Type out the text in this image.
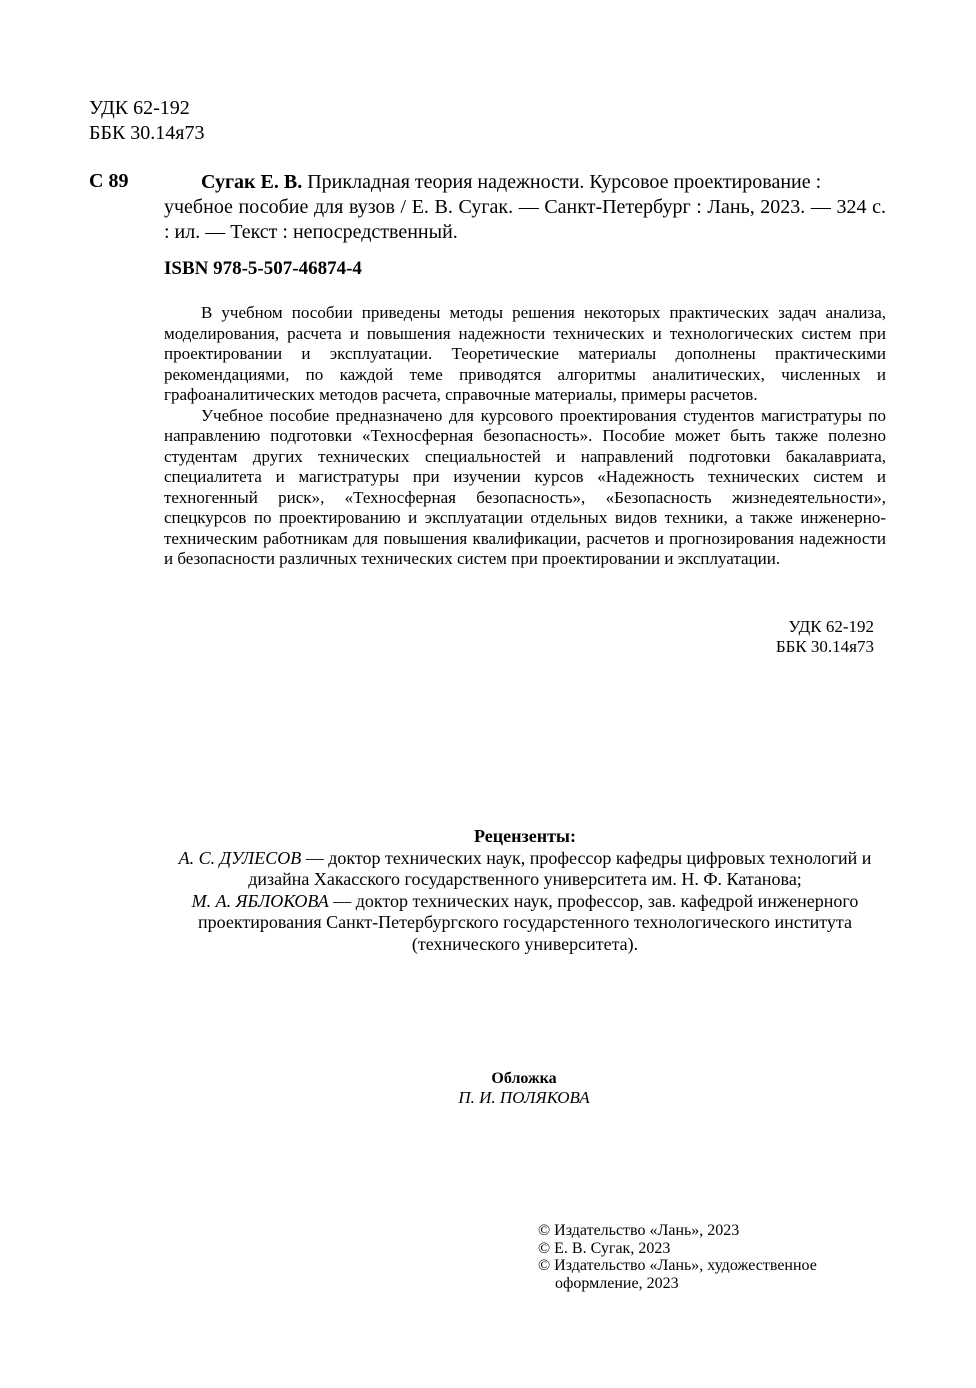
УДК 62-192
ББК 30.14я73
С 89	Сугак Е. В. Прикладная теория надежности. Курсовое проектирование :
учебное пособие для вузов / Е. В. Сугак. — Санкт-Петербург : Лань, 2023. — 324 с. : ил. — Текст : непосредственный.
ISBN 978-5-507-46874-4

В учебном пособии приведены методы решения некоторых практических задач анализа, моделирования, расчета и повышения надежности технических и технологических систем при проектировании и эксплуатации. Теоретические материалы дополнены практическими рекомендациями, по каждой теме приводятся алгоритмы аналитических, численных и графоаналитических методов расчета, справочные материалы, примеры расчетов.

Учебное пособие предназначено для курсового проектирования студентов магистратуры по направлению подготовки «Техносферная безопасность». Пособие может быть также полезно студентам других технических специальностей и направлений подготовки бакалавриата, специалитета и магистратуры при изучении курсов «Надежность технических систем и техногенный риск», «Техносферная безопасность», «Безопасность жизнедеятельности», спецкурсов по проектированию и эксплуатации отдельных видов техники, а также инженерно-техническим работникам для повышения квалификации, расчетов и прогнозирования надежности и безопасности различных технических систем при проектировании и эксплуатации.

УДК 62-192
ББК 30.14я73
Рецензенты:
А. С. ДУЛЕСОВ — доктор технических наук, профессор кафедры цифровых технологий и дизайна Хакасского государственного университета им. Н. Ф. Катанова;
М. А. ЯБЛОКОВА — доктор технических наук, профессор, зав. кафедрой инженерного проектирования Санкт-Петербургского государстенного технологического института (технического университета).
Обложка
П. И. ПОЛЯКОВА
© Издательство «Лань», 2023
© Е. В. Сугак, 2023
© Издательство «Лань», художественное оформление, 2023
